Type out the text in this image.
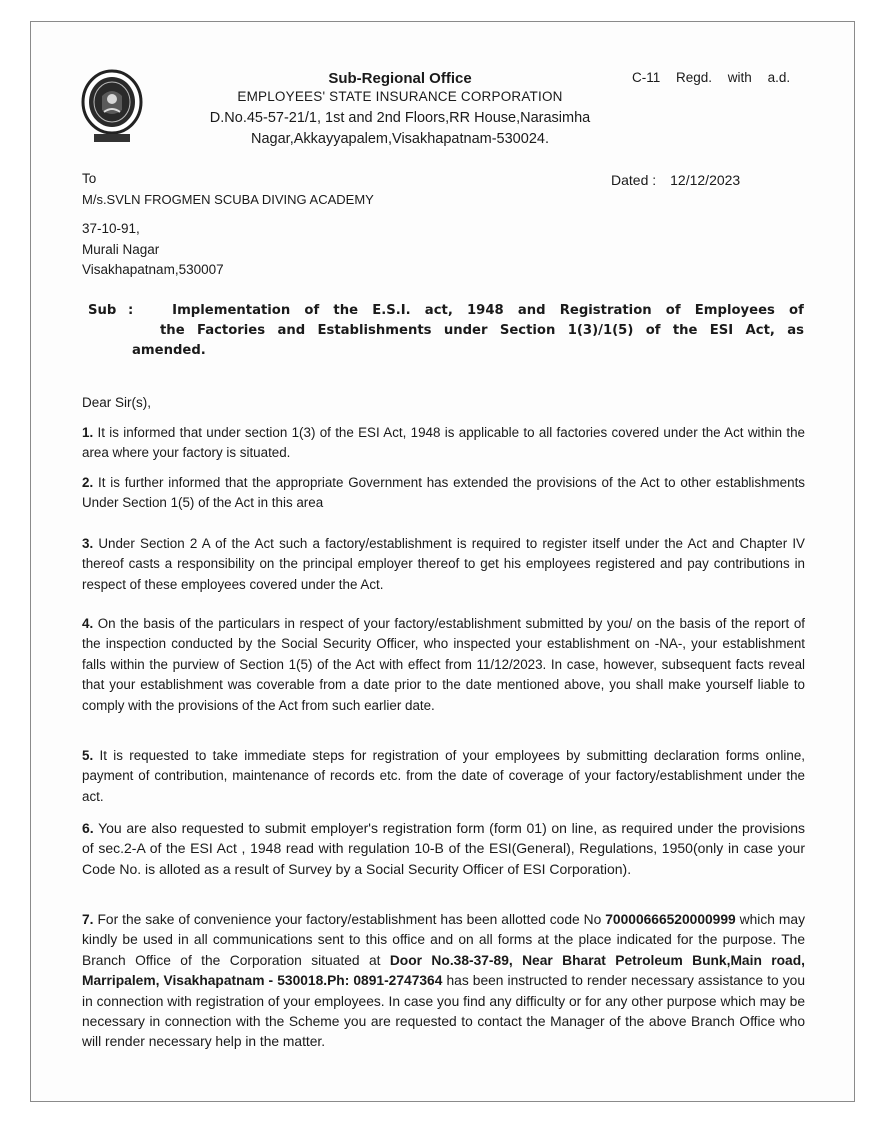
Sub-Regional Office
EMPLOYEES' STATE INSURANCE CORPORATION
D.No.45-57-21/1, 1st and 2nd Floors,RR House,Narasimha
Nagar,Akkayyapalem,Visakhapatnam-530024.
C-11 Regd. with a.d.
Dated : 12/12/2023
To
M/s.SVLN FROGMEN SCUBA DIVING ACADEMY
37-10-91,
Murali Nagar
Visakhapatnam,530007
Sub :	Implementation of the E.S.I. act, 1948 and Registration of Employees of
the Factories and Establishments under Section 1(3)/1(5) of the ESI Act, as
amended.
Dear Sir(s),
1. It is informed that under section 1(3) of the ESI Act, 1948 is applicable to all factories covered under the Act within the area where your factory is situated.
2. It is further informed that the appropriate Government has extended the provisions of the Act to other establishments Under Section 1(5) of the Act in this area
3. Under Section 2 A of the Act such a factory/establishment is required to register itself under the Act and Chapter IV thereof casts a responsibility on the principal employer thereof to get his employees registered and pay contributions in respect of these employees covered under the Act.
4. On the basis of the particulars in respect of your factory/establishment submitted by you/ on the basis of the report of the inspection conducted by the Social Security Officer, who inspected your establishment on -NA-, your establishment falls within the purview of Section 1(5) of the Act with effect from 11/12/2023. In case, however, subsequent facts reveal that your establishment was coverable from a date prior to the date mentioned above, you shall make yourself liable to comply with the provisions of the Act from such earlier date.
5. It is requested to take immediate steps for registration of your employees by submitting declaration forms online, payment of contribution, maintenance of records etc. from the date of coverage of your factory/establishment under the act.
6. You are also requested to submit employer's registration form (form 01) on line, as required under the provisions of sec.2-A of the ESI Act , 1948 read with regulation 10-B of the ESI(General), Regulations, 1950(only in case your Code No. is alloted as a result of Survey by a Social Security Officer of ESI Corporation).
7. For the sake of convenience your factory/establishment has been allotted code No 70000666520000999 which may kindly be used in all communications sent to this office and on all forms at the place indicated for the purpose. The Branch Office of the Corporation situated at Door No.38-37-89, Near Bharat Petroleum Bunk,Main road, Marripalem, Visakhapatnam - 530018.Ph: 0891-2747364 has been instructed to render necessary assistance to you in connection with registration of your employees. In case you find any difficulty or for any other purpose which may be necessary in connection with the Scheme you are requested to contact the Manager of the above Branch Office who will render necessary help in the matter.
